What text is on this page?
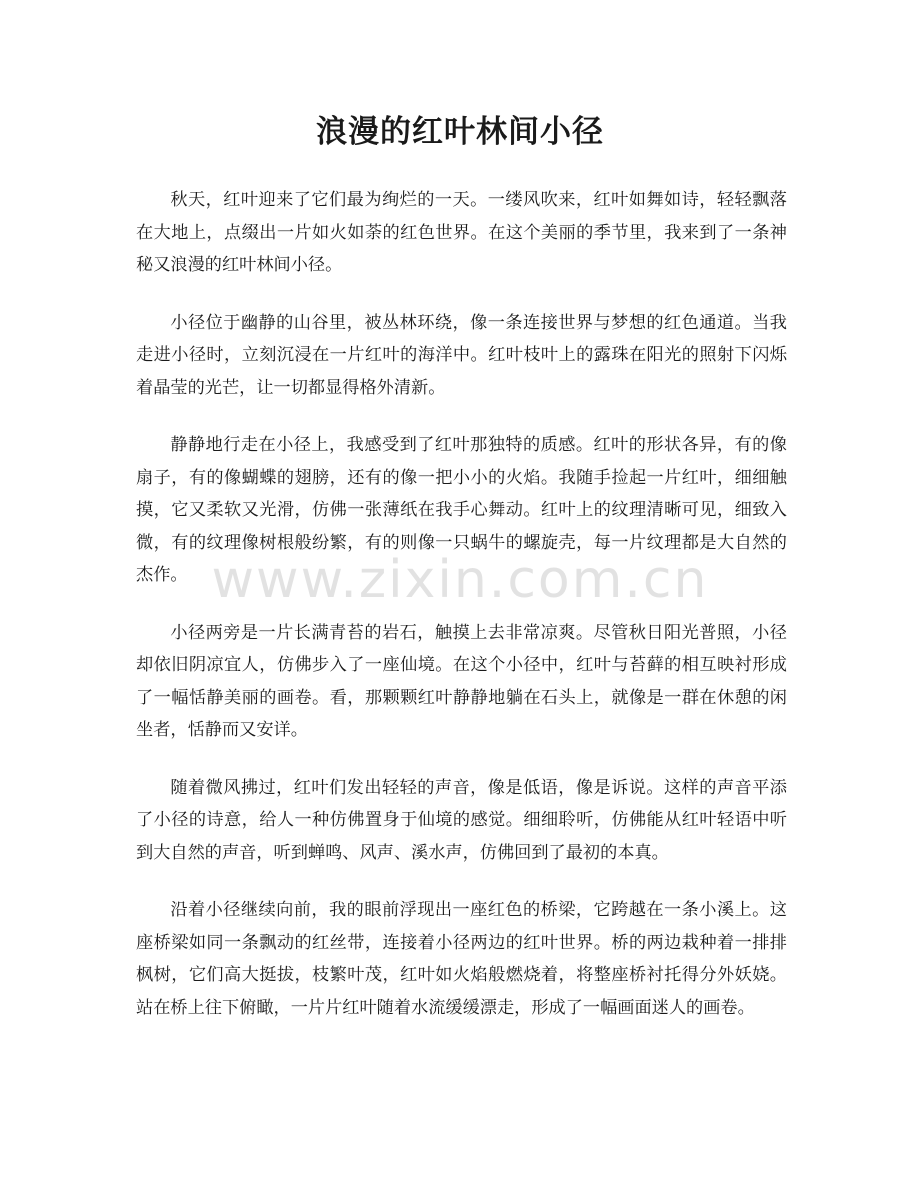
浪漫的红叶林间小径

秋天，红叶迎来了它们最为绚烂的一天。一缕风吹来，红叶如舞如诗，轻轻飘落在大地上，点缀出一片如火如荼的红色世界。在这个美丽的季节里，我来到了一条神秘又浪漫的红叶林间小径。

小径位于幽静的山谷里，被丛林环绕，像一条连接世界与梦想的红色通道。当我走进小径时，立刻沉浸在一片红叶的海洋中。红叶枝叶上的露珠在阳光的照射下闪烁着晶莹的光芒，让一切都显得格外清新。

静静地行走在小径上，我感受到了红叶那独特的质感。红叶的形状各异，有的像扇子，有的像蝴蝶的翅膀，还有的像一把小小的火焰。我随手捡起一片红叶，细细触摸，它又柔软又光滑，仿佛一张薄纸在我手心舞动。红叶上的纹理清晰可见，细致入微，有的纹理像树根般纷繁，有的则像一只蜗牛的螺旋壳，每一片纹理都是大自然的杰作。

小径两旁是一片长满青苔的岩石，触摸上去非常凉爽。尽管秋日阳光普照，小径却依旧阴凉宜人，仿佛步入了一座仙境。在这个小径中，红叶与苔藓的相互映衬形成了一幅恬静美丽的画卷。看，那颗颗红叶静静地躺在石头上，就像是一群在休憩的闲坐者，恬静而又安详。

随着微风拂过，红叶们发出轻轻的声音，像是低语，像是诉说。这样的声音平添了小径的诗意，给人一种仿佛置身于仙境的感觉。细细聆听，仿佛能从红叶轻语中听到大自然的声音，听到蝉鸣、风声、溪水声，仿佛回到了最初的本真。

沿着小径继续向前，我的眼前浮现出一座红色的桥梁，它跨越在一条小溪上。这座桥梁如同一条飘动的红丝带，连接着小径两边的红叶世界。桥的两边栽种着一排排枫树，它们高大挺拔，枝繁叶茂，红叶如火焰般燃烧着，将整座桥衬托得分外妖娆。站在桥上往下俯瞰，一片片红叶随着水流缓缓漂走，形成了一幅画面迷人的画卷。

www.zixin.com.cn
